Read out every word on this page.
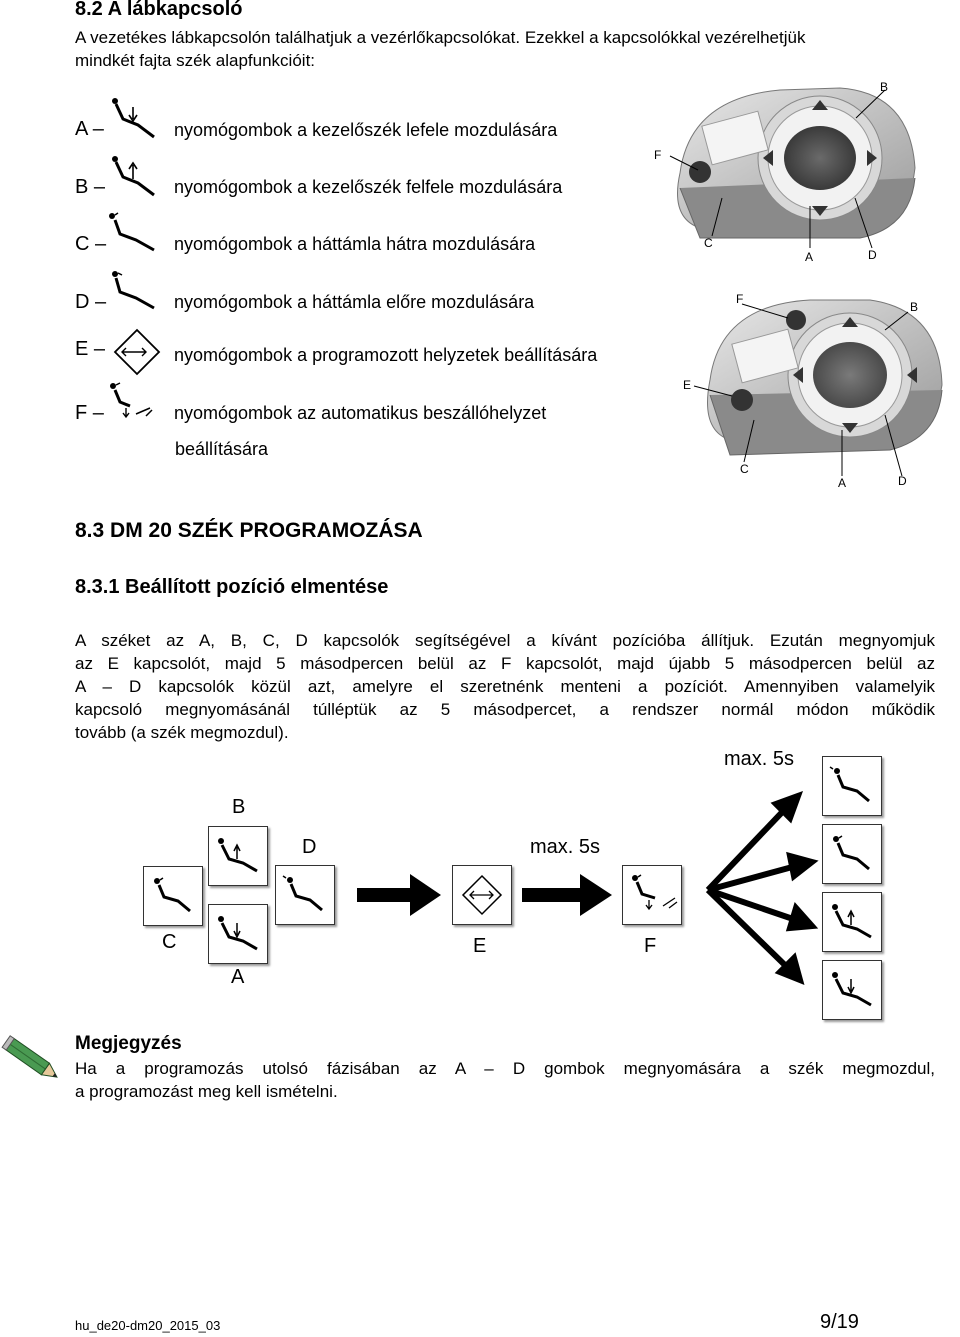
8.2 A lábkapcsoló
A vezetékes lábkapcsolón találhatjuk a vezérlőkapcsolókat. Ezekkel a kapcsolókkal vezérelhetjük
mindkét fajta szék alapfunkcióit:
A –	nyomógombok a kezelőszék lefele mozdulására
B –	nyomógombok a kezelőszék felfele mozdulására
C –	nyomógombok a háttámla hátra mozdulására
D –	nyomógombok a háttámla előre mozdulására
E –	nyomógombok a programozott helyzetek beállítására
F –	nyomógombok az automatikus beszállóhelyzet
beállítására
B
F
C
A	D
F
B
E
C
A	D
8.3 DM 20 SZÉK PROGRAMOZÁSA
8.3.1 Beállított pozíció elmentése
A széket az A, B, C, D kapcsolók segítségével a kívánt pozícióba állítjuk. Ezután megnyomjuk
az E kapcsolót, majd 5 másodpercen belül az F kapcsolót, majd újabb 5 másodpercen belül az
A – D kapcsolók közül azt, amelyre el szeretnénk menteni a pozíciót. Amennyiben valamelyik
kapcsoló megnyomásánál túlléptük az 5 másodpercet, a rendszer normál módon működik
tovább (a szék megmozdul).
B
D
C
A
E	F
max. 5s
max. 5s
Megjegyzés
Ha a programozás utolsó fázisában az A – D gombok megnyomására a szék megmozdul,
a programozást meg kell ismételni.
hu_de20-dm20_2015_03	9/19
